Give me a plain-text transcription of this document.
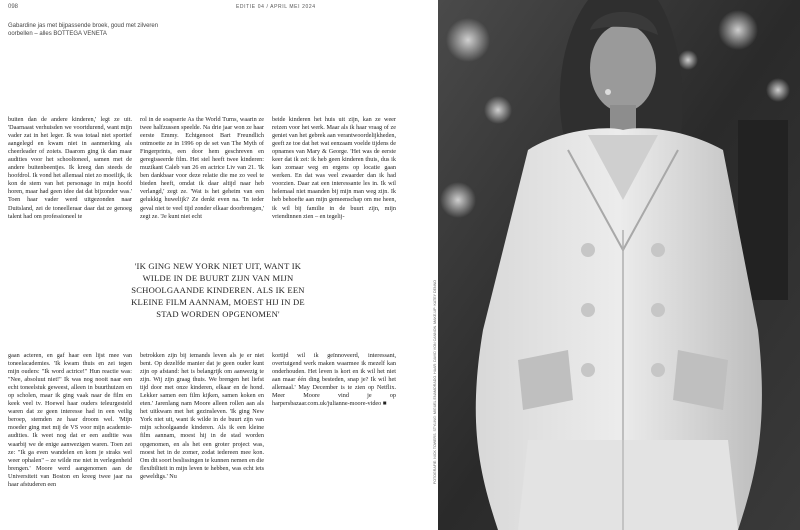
098	EDITIE 04 / APRIL MEI 2024
Gabardine jas met bijpassende broek, goud met zilveren oorbellen – alles BOTTEGA VENETA

buiten dan de andere kinderen,' legt ze uit. 'Daarnaast verhuisden we voortdurend, want mijn vader zat in het leger. Ik was totaal niet sportief aangelegd en kwam niet in aanmerking als cheerleader of zoiets. Daarom ging ik dan maar audities voor het schooltoneel, samen met de andere buitenbeentjes. Ik kreeg dan steeds de hoofdrol. Ik vond het allemaal niet zo moeilijk, ik kon de stem van het personage in mijn hoofd horen, maar had geen idee dat dat bijzonder was.' Toen haar vader werd uitgezonden naar Duitsland, zei de toneelleraar daar dat ze genoeg talent had om professioneel te

rol in de soapserie As the World Turns, waarin ze twee halfzussen speelde. Na drie jaar won ze haar eerste Emmy. Echtgenoot Bart Freundlich ontmoette ze in 1996 op de set van The Myth of Fingerprints, een door hem geschreven en geregisseerde film. Het stel heeft twee kinderen: muzikant Caleb van 26 en actrice Liv van 21. 'Ik ben dankbaar voor deze relatie die me zo veel te bieden heeft, omdat ik daar altijd naar heb verlangd,' zegt ze. 'Wat is het geheim van een gelukkig huwelijk? Ze denkt even na. 'In ieder geval niet te veel tijd zonder elkaar doorbrengen,' zegt ze. 'Je kunt niet echt

beide kinderen het huis uit zijn, kan ze weer reizen voor het werk. Maar als ik haar vraag of ze geniet van het gebrek aan verantwoordelijkheden, geeft ze toe dat het wat eenzaam voelde tijdens de opnames van Mary & George. 'Het was de eerste keer dat ik zei: ik heb geen kinderen thuis, dus ik kan zomaar weg en ergens op locatie gaan werken. En dat was veel zwaarder dan ik had voorzien. Daar zat een interessante les in. Ik wil helemaal niet maanden bij mijn man weg zijn. Ik heb behoefte aan mijn gemeenschap om me heen, ik wil bij familie in de buurt zijn, mijn vriendinnen zien – en tegelij-

'IK GING NEW YORK NIET UIT, WANT IK WILDE IN DE BUURT ZIJN VAN MIJN SCHOOLGAANDE KINDEREN. ALS IK EEN KLEINE FILM AANNAM, MOEST HIJ IN DE STAD WORDEN OPGENOMEN'

gaan acteren, en gaf haar een lijst mee van toneelacademies. 'Ik kwam thuis en zei tegen mijn ouders: "Ik word actrice!" Hun reactie was: "Nee, absoluut niet!" Ik was nog nooit naar een echt toneelstuk geweest, alleen in buurthuizen en op scholen, maar ik ging vaak naar de film en keek veel tv. Hoewel haar ouders teleurgesteld waren dat ze geen interesse had in een veilig beroep, stemden ze haar droom wel. 'Mijn moeder ging met mij de VS voor mijn academie-audities. Ik weet nog dat er een auditie was waarbij we de enige aanwezigen waren. Toen zei ze: "Ik ga even wandelen en kom je straks wel weer ophalen" – ze wilde me niet in verlegenheid brengen.' Moore werd aangenomen aan de Universiteit van Boston en kreeg twee jaar na haar afstuderen een

betrokken zijn bij iemands leven als je er niet bent. Op dezelfde manier dat je geen ouder kunt zijn op afstand: het is belangrijk om aanwezig te zijn. Wij zijn graag thuis. We brengen het liefst tijd door met onze kinderen, elkaar en de hond. Lekker samen een film kijken, samen koken en eten.' Jarenlang nam Moore alleen rollen aan als het uitkwam met het gezinsleven. 'Ik ging New York niet uit, want ik wilde in de buurt zijn van mijn schoolgaande kinderen. Als ik een kleine film aannam, moest hij in de stad worden opgenomen, en als het een groter project was, moest het in de zomer, zodat iedereen mee kon. Om dit soort beslissingen te kunnen nemen en die flexibiliteit in mijn leven te hebben, was echt iets geweldigs.' Nu

kortijd wil ik geïnnoveerd, interessant, overtuigend werk maken waarmee ik mezelf kan onderhouden. Het leven is kort en ik wil het niet aan maar één ding besteden, snap je? Ik wil het allemaal.' May December is te zien op Netflix. Meer Moore vind je op harpersbazaar.com.uk/julianne-moore-video ■	FOTOGRAFIE: NICK TOWERS. STYLING: MIGUEL ENAMORADO. HAAR: DAVID VON CANNON. MAKE-UP: KATEY DENNO
